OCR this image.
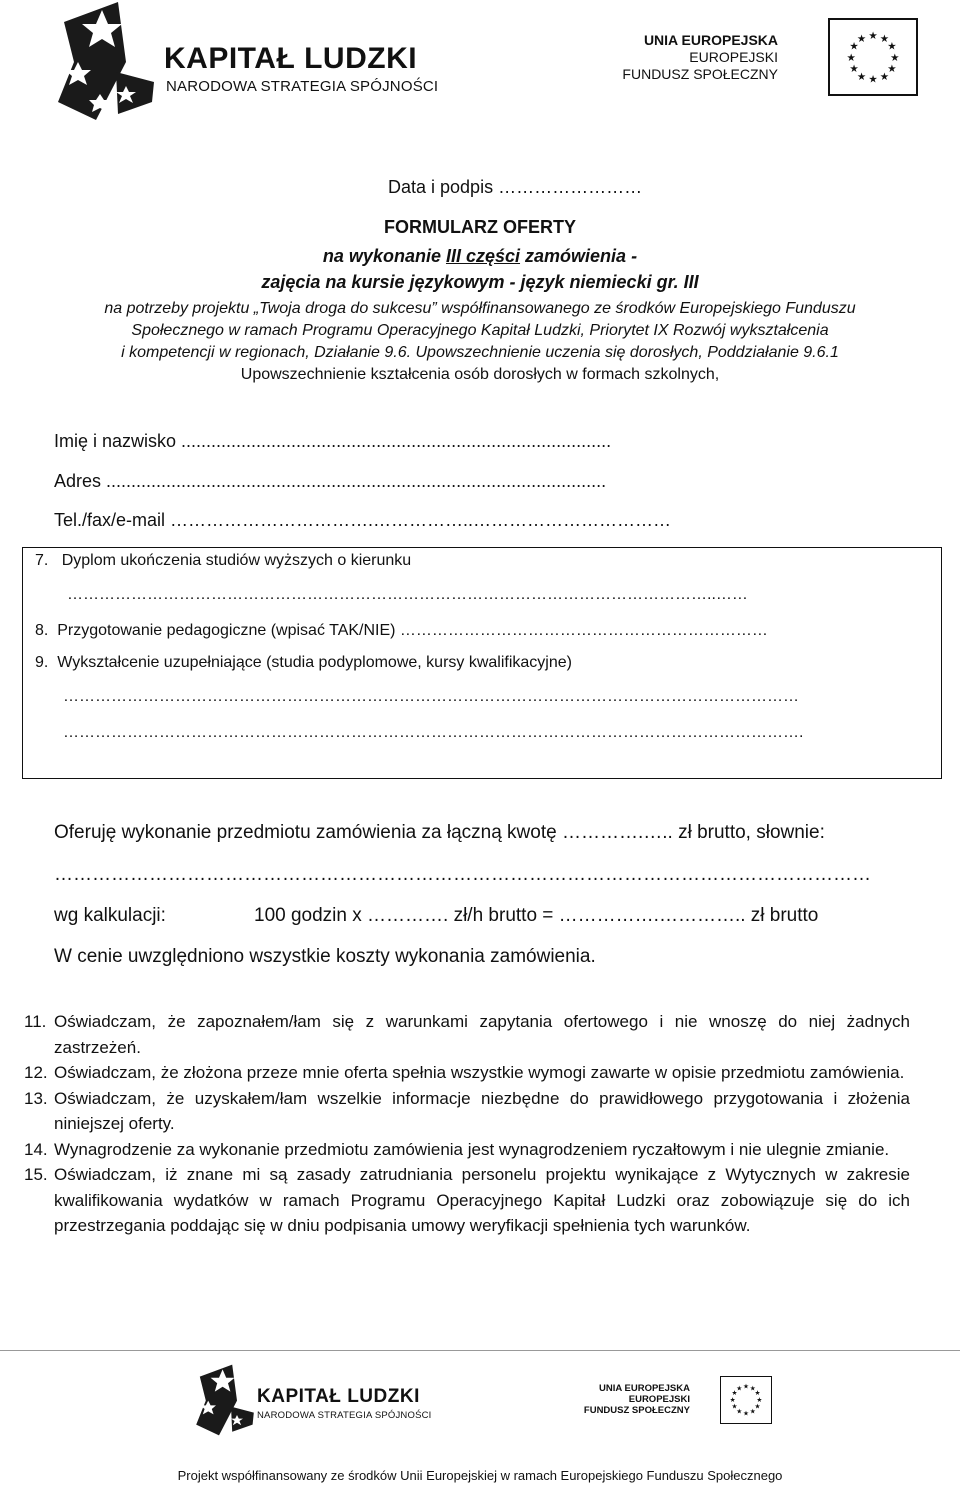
KAPITAŁ LUDZKI
NARODOWA STRATEGIA SPÓJNOŚCI
UNIA EUROPEJSKA
EUROPEJSKI
FUNDUSZ SPOŁECZNY
★ ★
★
★
★
★
★
★
★
★
★
★
Data i podpis ……………………
FORMULARZ OFERTY
na wykonanie III części zamówienia -
zajęcia na kursie językowym - język niemiecki gr. III
na potrzeby projektu „Twoja droga do sukcesu” współfinansowanego ze środków Europejskiego Funduszu
Społecznego w ramach Programu Operacyjnego Kapitał Ludzki, Priorytet IX Rozwój wykształcenia
i kompetencji w regionach, Działanie 9.6. Upowszechnienie uczenia się dorosłych, Poddziałanie 9.6.1
Upowszechnienie kształcenia osób dorosłych w formach szkolnych,
Imię i nazwisko ......................................................................................
Adres ....................................................................................................
Tel./fax/e-mail …………………………….……………..……………………………
7. Dyplom ukończenia studiów wyższych o kierunku
…………………………………………………………………………………………………………..……
8. Przygotowanie pedagogiczne (wpisać TAK/NIE) ……………………………………………………………
9. Wykształcenie uzupełniające (studia podyplomowe, kursy kwalifikacyjne)
…………………………………………………………………………………………………………………………
………………………………………………………………………………………………………………………….
Oferuję wykonanie przedmiotu zamówienia za łączną kwotę ………….….. zł brutto, słownie:
…………………………………………………………………………………………………………………
wg kalkulacji:	100 godzin x …………. zł/h brutto = …………….………….. zł brutto
W cenie uwzględniono wszystkie koszty wykonania zamówienia.
11. Oświadczam, że zapoznałem/łam się z warunkami zapytania ofertowego i nie wnoszę do niej żadnych zastrzeżeń.
12. Oświadczam, że złożona przeze mnie oferta spełnia wszystkie wymogi zawarte w opisie przedmiotu zamówienia.
13. Oświadczam, że uzyskałem/łam wszelkie informacje niezbędne do prawidłowego przygotowania i złożenia niniejszej oferty.
14. Wynagrodzenie za wykonanie przedmiotu zamówienia jest wynagrodzeniem ryczałtowym i nie ulegnie zmianie.
15. Oświadczam, iż znane mi są zasady zatrudniania personelu projektu wynikające z Wytycznych w zakresie kwalifikowania wydatków w ramach Programu Operacyjnego Kapitał Ludzki oraz zobowiązuje się do ich przestrzegania poddając się w dniu podpisania umowy weryfikacji spełnienia tych warunków.
KAPITAŁ LUDZKI
NARODOWA STRATEGIA SPÓJNOŚCI
UNIA EUROPEJSKA
EUROPEJSKI
FUNDUSZ SPOŁECZNY
★ ★
★
★
★
★
★
★
★
★
★
★
Projekt współfinansowany ze środków Unii Europejskiej w ramach Europejskiego Funduszu Społecznego
